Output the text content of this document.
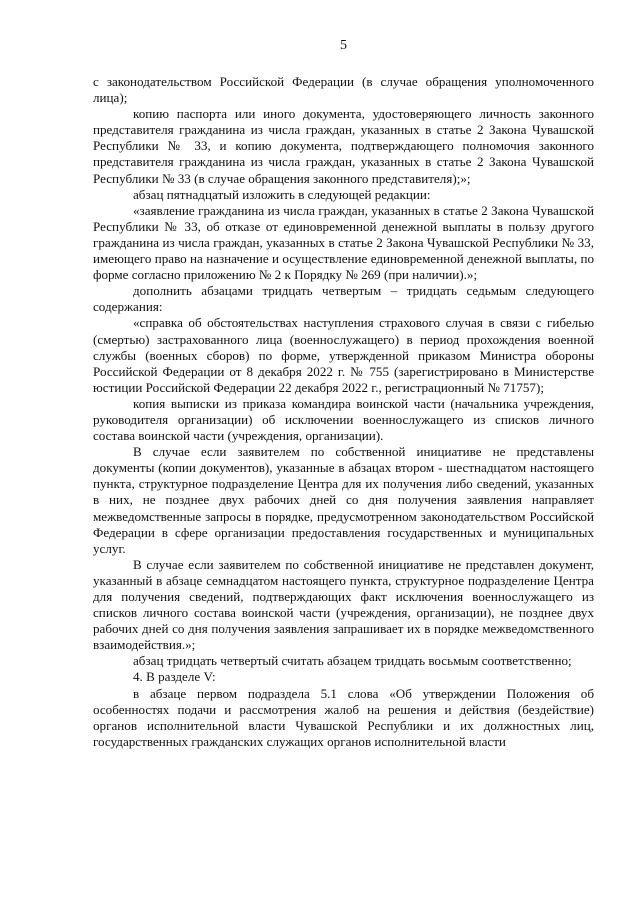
5

с законодательством Российской Федерации (в случае обращения уполномоченного лица);

копию паспорта или иного документа, удостоверяющего личность законного представителя гражданина из числа граждан, указанных в статье 2 Закона Чувашской Республики № 33, и копию документа, подтверждающего полномочия законного представителя гражданина из числа граждан, указанных в статье 2 Закона Чувашской Республики № 33 (в случае обращения законного представителя);»;

абзац пятнадцатый изложить в следующей редакции:

«заявление гражданина из числа граждан, указанных в статье 2 Закона Чувашской Республики № 33, об отказе от единовременной денежной выплаты в пользу другого гражданина из числа граждан, указанных в статье 2 Закона Чувашской Республики № 33, имеющего право на назначение и осуществление единовременной денежной выплаты, по форме согласно приложению № 2 к Порядку № 269 (при наличии).»;

дополнить абзацами тридцать четвертым – тридцать седьмым следующего содержания:

«справка об обстоятельствах наступления страхового случая в связи с гибелью (смертью) застрахованного лица (военнослужащего) в период прохождения военной службы (военных сборов) по форме, утвержденной приказом Министра обороны Российской Федерации от 8 декабря 2022 г. № 755 (зарегистрировано в Министерстве юстиции Российской Федерации 22 декабря 2022 г., регистрационный № 71757);

копия выписки из приказа командира воинской части (начальника учреждения, руководителя организации) об исключении военнослужащего из списков личного состава воинской части (учреждения, организации).

В случае если заявителем по собственной инициативе не представлены документы (копии документов), указанные в абзацах втором - шестнадцатом настоящего пункта, структурное подразделение Центра для их получения либо сведений, указанных в них, не позднее двух рабочих дней со дня получения заявления направляет межведомственные запросы в порядке, предусмотренном законодательством Российской Федерации в сфере организации предоставления государственных и муниципальных услуг.

В случае если заявителем по собственной инициативе не представлен документ, указанный в абзаце семнадцатом настоящего пункта, структурное подразделение Центра для получения сведений, подтверждающих факт исключения военнослужащего из списков личного состава воинской части (учреждения, организации), не позднее двух рабочих дней со дня получения заявления запрашивает их в порядке межведомственного взаимодействия.»;

абзац тридцать четвертый считать абзацем тридцать восьмым соответственно;

4. В разделе V:

в абзаце первом подраздела 5.1 слова «Об утверждении Положения об особенностях подачи и рассмотрения жалоб на решения и действия (бездействие) органов исполнительной власти Чувашской Республики и их должностных лиц, государственных гражданских служащих органов исполнительной власти
